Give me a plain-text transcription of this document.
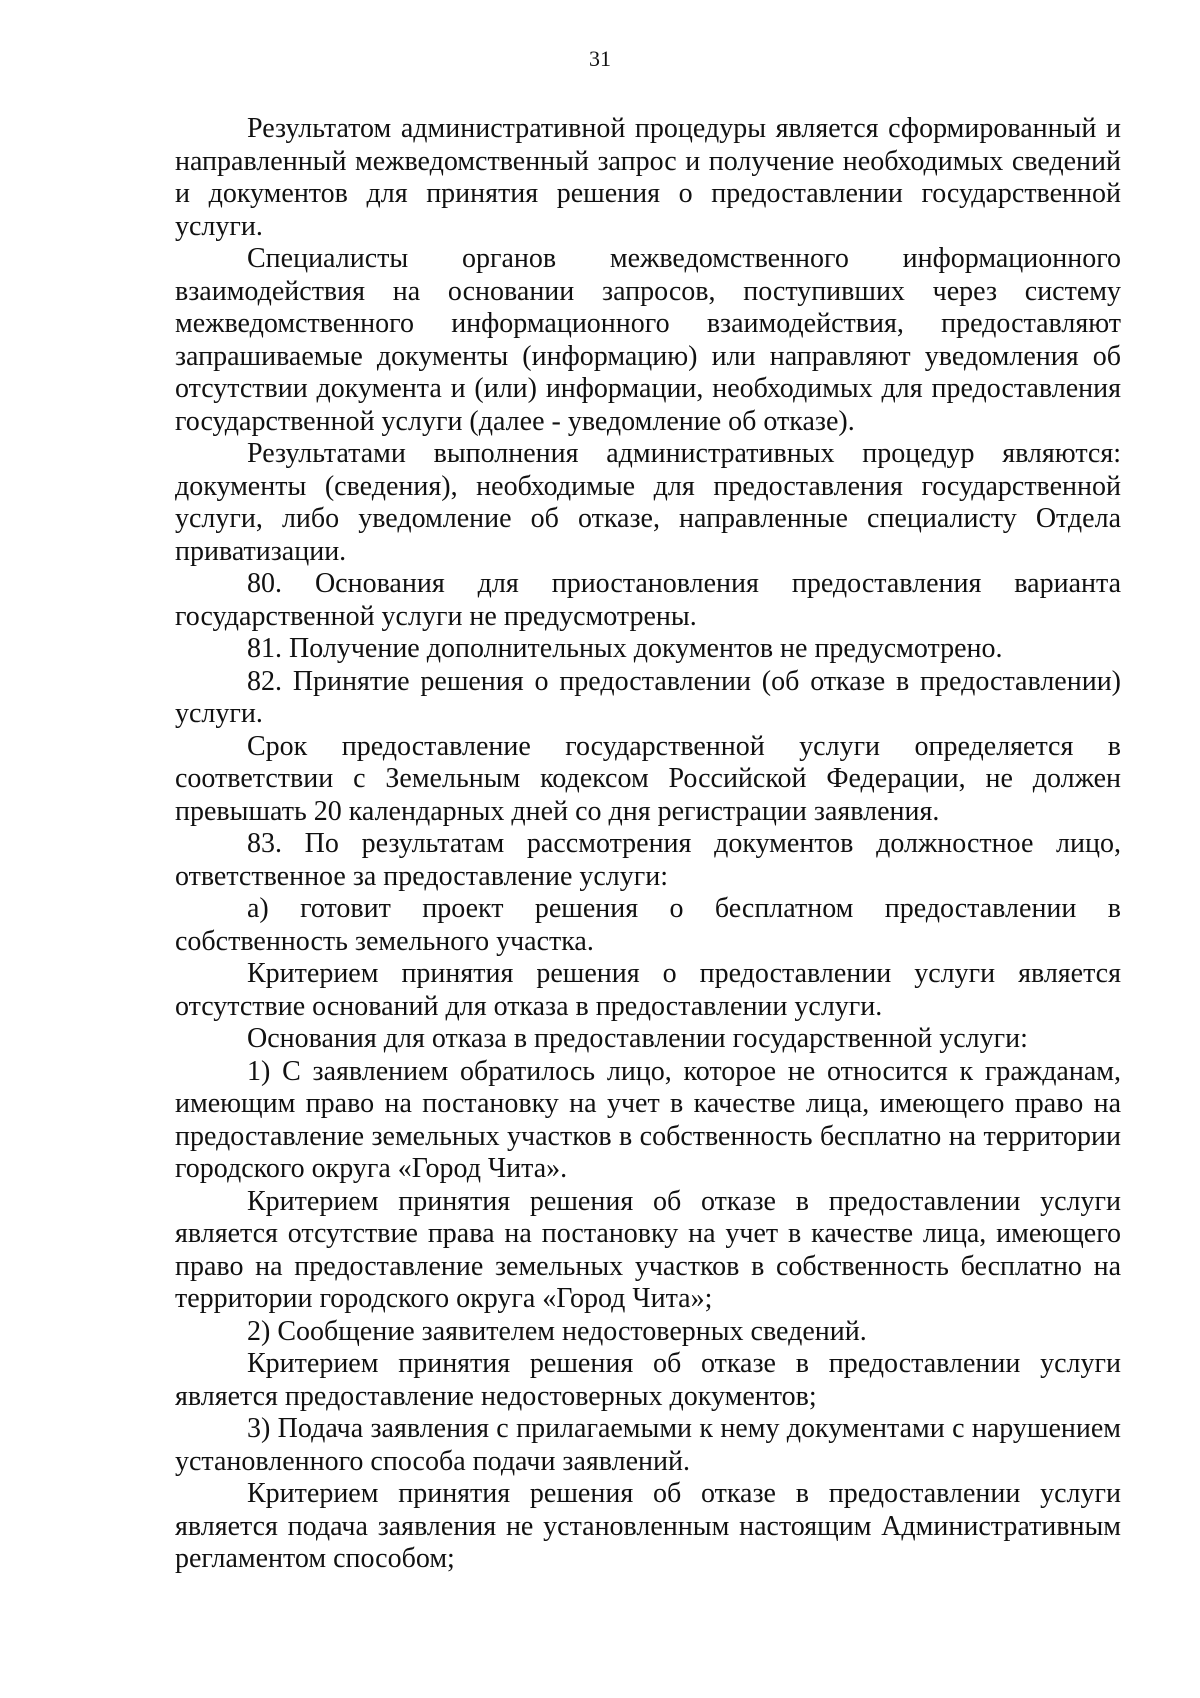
31

Результатом административной процедуры является сформированный и направленный межведомственный запрос и получение необходимых сведений и документов для принятия решения о предоставлении государственной услуги.

Специалисты органов межведомственного информационного взаимодействия на основании запросов, поступивших через систему межведомственного информационного взаимодействия, предоставляют запрашиваемые документы (информацию) или направляют уведомления об отсутствии документа и (или) информации, необходимых для предоставления государственной услуги (далее - уведомление об отказе).

Результатами выполнения административных процедур являются: документы (сведения), необходимые для предоставления государственной услуги, либо уведомление об отказе, направленные специалисту Отдела приватизации.

80. Основания для приостановления предоставления варианта государственной услуги не предусмотрены.

81. Получение дополнительных документов не предусмотрено.

82. Принятие решения о предоставлении (об отказе в предоставлении) услуги.

Срок предоставление государственной услуги определяется в соответствии с Земельным кодексом Российской Федерации, не должен превышать 20 календарных дней со дня регистрации заявления.

83. По результатам рассмотрения документов должностное лицо, ответственное за предоставление услуги:

а) готовит проект решения о бесплатном предоставлении в собственность земельного участка.

Критерием принятия решения о предоставлении услуги является отсутствие оснований для отказа в предоставлении услуги.

Основания для отказа в предоставлении государственной услуги:

1) С заявлением обратилось лицо, которое не относится к гражданам, имеющим право на постановку на учет в качестве лица, имеющего право на предоставление земельных участков в собственность бесплатно на территории городского округа «Город Чита».

Критерием принятия решения об отказе в предоставлении услуги является отсутствие права на постановку на учет в качестве лица, имеющего право на предоставление земельных участков в собственность бесплатно на территории городского округа «Город Чита»;

2) Сообщение заявителем недостоверных сведений.

Критерием принятия решения об отказе в предоставлении услуги является предоставление недостоверных документов;

3) Подача заявления с прилагаемыми к нему документами с нарушением установленного способа подачи заявлений.

Критерием принятия решения об отказе в предоставлении услуги является подача заявления не установленным настоящим Административным регламентом способом;
